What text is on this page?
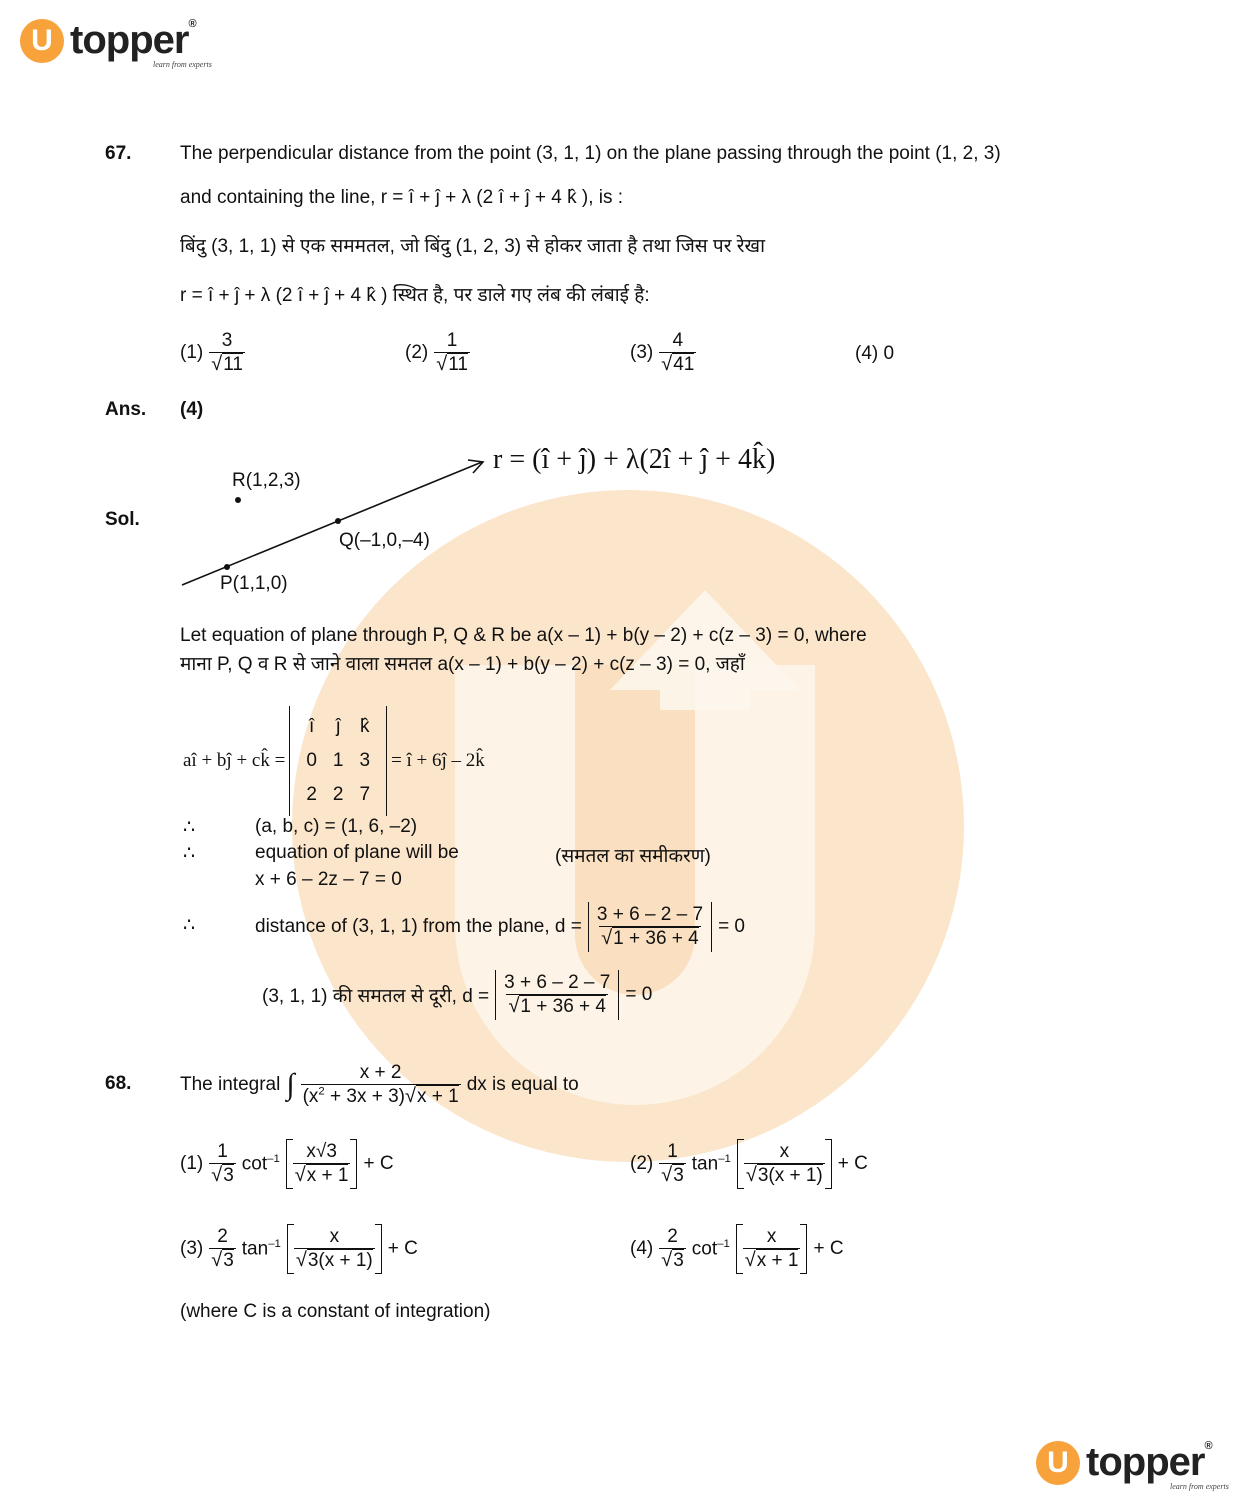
U topper®
learn from experts
67.	The perpendicular distance from the point (3, 1, 1) on the plane passing through the point (1, 2, 3)
and containing the line, r = î + ĵ + λ (2 î + ĵ + 4 k̂ ), is :
बिंदु (3, 1, 1) से एक सममतल, जो बिंदु (1, 2, 3) से होकर जाता है तथा जिस पर रेखा
r = î + ĵ + λ (2 î + ĵ + 4 k̂ ) स्थित है, पर डाले गए लंब की लंबाई है:
$(1) \frac{3}{√11}$	$(2) \frac{1}{√11}$	$(3) \frac{4}{√41}$	(4) 0
Ans. (4)
Sol.
r = (î + ĵ) + λ(2î + ĵ + 4k̂)
R(1,2,3)
Q(–1,0,–4)
P(1,1,0)
Let equation of plane through P, Q & R be a(x – 1) + b(y – 2) + c(z – 3) = 0, where
माना P, Q व R से जाने वाला समतल a(x – 1) + b(y – 2) + c(z – 3) = 0, जहाँ
aî + bĵ + ck̂ =
î	ĵ	k̂
0	1	3
2	2	7
= î + 6ĵ – 2k̂
∴	(a, b, c) = (1, 6, –2)
∴	equation of plane will be	(समतल का समीकरण)
x + 6 – 2z – 7 = 0
∴	distance of (3, 1, 1) from the plane, $d = \frac{3 + 6 - 2 - 7}{√1 + 36 + 4} = 0$
(3, 1, 1) की समतल से दूरी, $d = \frac{3 + 6 - 2 - 7}{√1 + 36 + 4} = 0$
68.	The integral ∫ $\frac{x + 2}{(x^2 + 3x + 3)√x + 1}$ dx is equal to
$(1) \frac{1}{√3} \cot^{-1} \frac{x√3}{√x + 1} + C$	$(2) \frac{1}{√3} \tan^{-1} \frac{x}{√3(x + 1)} + C$
$(3) \frac{2}{√3} \tan^{-1} \frac{x}{√3(x + 1)} + C$	$(4) \frac{2}{√3} \cot^{-1} \frac{x}{√x + 1} + C$
(where C is a constant of integration)
U topper®
learn from experts
